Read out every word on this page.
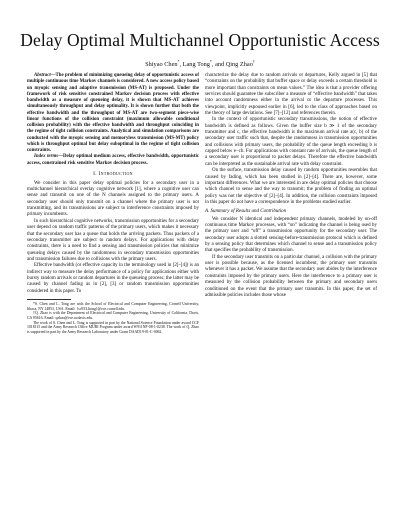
Delay Optimal Multichannel Opportunistic Access
Shiyao Chen*, Lang Tong*, and Qing Zhao†

Abstract—The problem of minimizing queueing delay of opportunistic access of multiple continuous time Markov channels is considered. A new access policy based on myopic sensing and adaptive transmission (MS-AT) is proposed. Under the framework of risk sensitive constrained Markov decision process with effective bandwidth as a measure of queueing delay, it is shown that MS-AT achieves simultaneously throughput and delay optimality. It is shown further that both the effective bandwidth and the throughput of MS-AT are two-segment piece-wise linear functions of the collision constraint (maximum allowable conditional collision probability) with the effective bandwidth and throughput coinciding in the regime of tight collision constraints. Analytical and simulation comparisons are conducted with the myopic sensing and memoryless transmission (MS-MT) policy which is throughput optimal but delay suboptimal in the regime of tight collision constraints.

Index terms—Delay optimal medium access, effective bandwidth, opportunistic access, constrained risk sensitive Markov decision process.

I. Introduction

We consider in this paper delay optimal policies for a secondary user in a multichannel hierarchical overlay cognitive network [1], where a cognitive user can sense and transmit on one of the N channels assigned to the primary users. A secondary user should only transmit on a channel where the primary user is not transmitting, and its transmissions are subject to interference constraints imposed by primary incumbents.

In such hierarchical cognitive networks, transmission opportunities for a secondary user depend on random traffic patterns of the primary users, which makes it necessary that the secondary user has a queue that holds the arriving packets. Thus packets of a secondary transmitter are subject to random delays. For applications with delay constraints, there is a need to find a sensing and transmission policies that minimize queueing delays caused by the randomness in secondary transmission opportunities and transmission failures due to collisions with the primary users.

Effective bandwidth (or effective capacity in the terminology used in [2]–[4]) is an indirect way to measure the delay performance of a policy for applications either with bursty random arrivals or random departures in the queueing process; the latter may be caused by channel fading as in [2], [3] or random transmission opportunities considered in this paper. To

*S. Chen and L. Tong are with the School of Electrical and Computer Engineering, Cornell University, Ithaca, NY 14853, USA. Email: {sc933,ltong}@ece.cornell.edu.

†Q. Zhao is with the Department of Electrical and Computer Engineering, University of California, Davis, CA 95616. Email: qzhao@ece.ucdavis.edu.

The work of S. Chen and L. Tong is supported in part by the National Science Foundation under award CCF 1018115 and the Army Research Office MURI Program under award W911NF-08-1-0238. The work of Q. Zhao is supported in part by the Army Research Laboratory under Grant DAAD19-01-C-0062.

characterize the delay due to random arrivals or departures, Kelly argued in [5] that “constraints on the probability that buffer space or delay exceeds a certain threshold is more important than constraints on mean values.” The idea is that a provider offering services should guarantee the subscriber a measure of “effective bandwidth” that takes into account randomness either in the arrival or the departure processes. This viewpoint, implicitly espoused earlier in [6], led to the class of approaches based on the theory of large deviations. See [7]–[12] and references therein.

In the context of opportunistic secondary transmissions, the notion of effective bandwidth is defined as follows. Given the buffer size b ≫ 1 of the secondary transmitter and c, the effective bandwidth is the maximum arrival rate a(c, b) of the secondary user traffic such that, despite the randomness in transmission opportunities and collisions with primary users, the probability of the queue length exceeding b is capped below e−cb. For applications with constant rate of arrivals, the queue length of a secondary user is proportional to packet delays. Therefore the effective bandwidth can be interpreted as the sustainable arrival rate with delay constraint.

On the surface, transmission delay caused by random opportunities resembles that caused by fading, which has been studied in [2]–[4]. There are, however, some important differences. What we are interested in are delay optimal policies that choose which channel to sense and the way to transmit; the problem of finding an optimal policy was not the objective of [2]–[4]. In addition, the collision constraints imposed in this paper do not have a correspondence in the problems studied earlier.

A. Summary of Results and Contribution

We consider N identical and independent primary channels, modeled by on-off continuous time Markov processes, with “on” indicating the channel is being used by the primary user and “off” a transmission opportunity for the secondary user. The secondary user adopts a slotted sensing-before-transmission protocol which is defined by a sensing policy that determines which channel to sense and a transmission policy that specifies the probability of transmission.

If the secondary user transmits on a particular channel, a collision with the primary user is possible because, as the licensed incumbent, the primary user transmits whenever it has a packet. We assume that the secondary user abides by the interference constraints imposed by the primary users. Here the interference to a primary user is measured by the collision probability between the primary and secondary users conditioned on the event that the primary user transmits. In this paper, the set of admissible policies includes those whose
